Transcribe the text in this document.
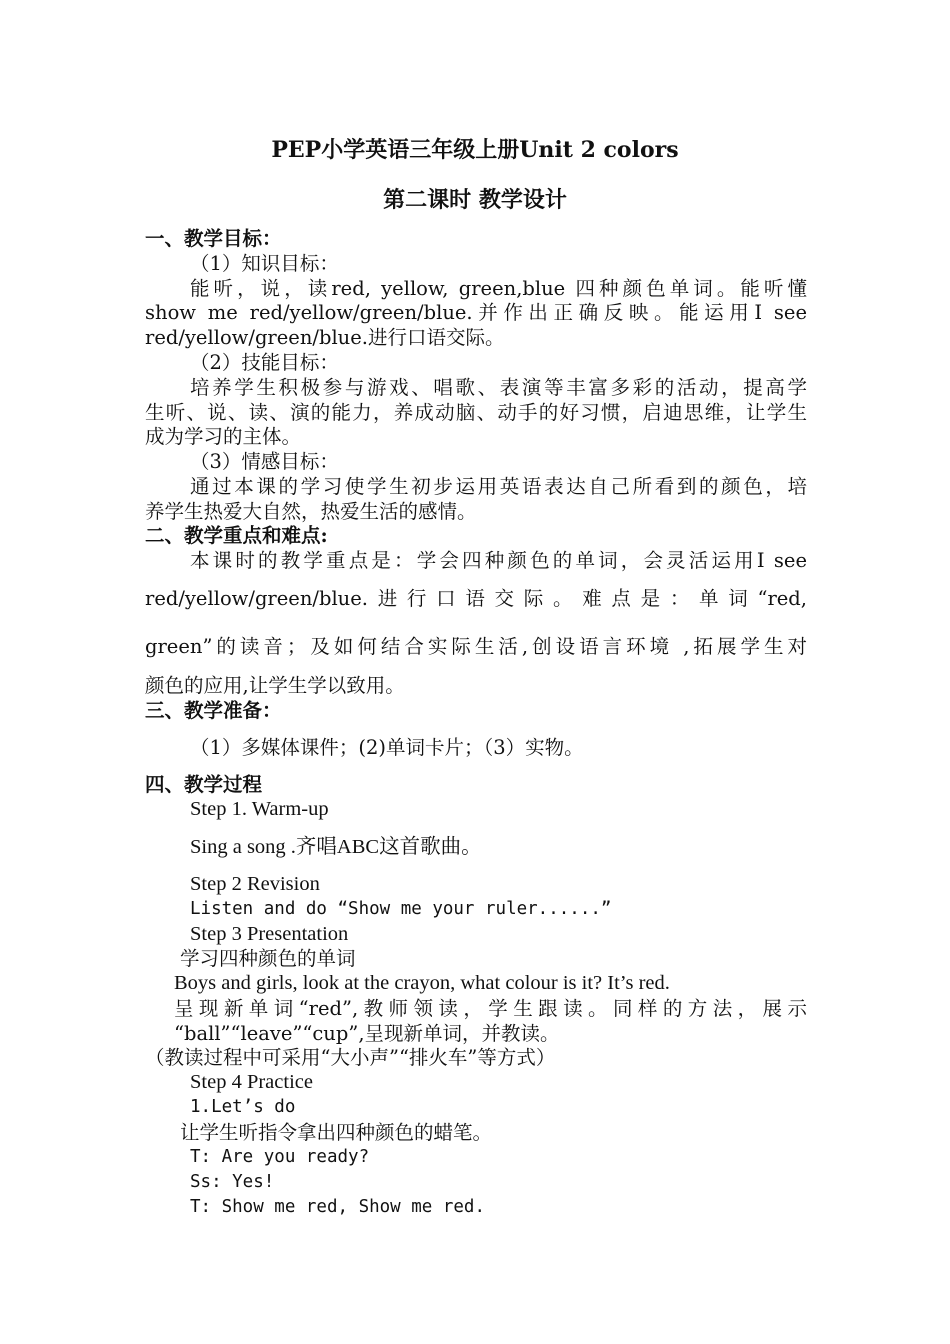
PEP小学英语三年级上册Unit 2 colors
第二课时 教学设计
一、教学目标：
（1）知识目标：
能听，说，读red, yellow, green,blue 四种颜色单词。能听懂
show me red/yellow/green/blue.并作出正确反映。能运用I see
red/yellow/green/blue.进行口语交际。
（2）技能目标：
培养学生积极参与游戏、唱歌、表演等丰富多彩的活动，提高学
生听、说、读、演的能力，养成动脑、动手的好习惯，启迪思维，让学生
成为学习的主体。
（3）情感目标：
通过本课的学习使学生初步运用英语表达自己所看到的颜色，培
养学生热爱大自然，热爱生活的感情。
二、教学重点和难点:
本课时的教学重点是：学会四种颜色的单词，会灵活运用I see
red/yellow/green/blue.进行口语交际。难点是：单词“red,
green”的读音；及如何结合实际生活,创设语言环境 ,拓展学生对
颜色的应用,让学生学以致用。
三、教学准备：
（1）多媒体课件；(2)单词卡片；（3）实物。
四、教学过程
Step 1. Warm-up
Sing a song .齐唱ABC这首歌曲。
Step 2 Revision
Listen and do “Show me your ruler......”
Step 3 Presentation
学习四种颜色的单词
Boys and girls, look at the crayon, what colour is it? It’s red.
呈现新单词“red”,教师领读，学生跟读。同样的方法，展示
“ball”“leave”“cup”,呈现新单词，并教读。
（教读过程中可采用“大小声”“排火车”等方式）
Step 4 Practice
1.Let’s do
让学生听指令拿出四种颜色的蜡笔。
T: Are you ready?
Ss: Yes!
T: Show me red, Show me red.
